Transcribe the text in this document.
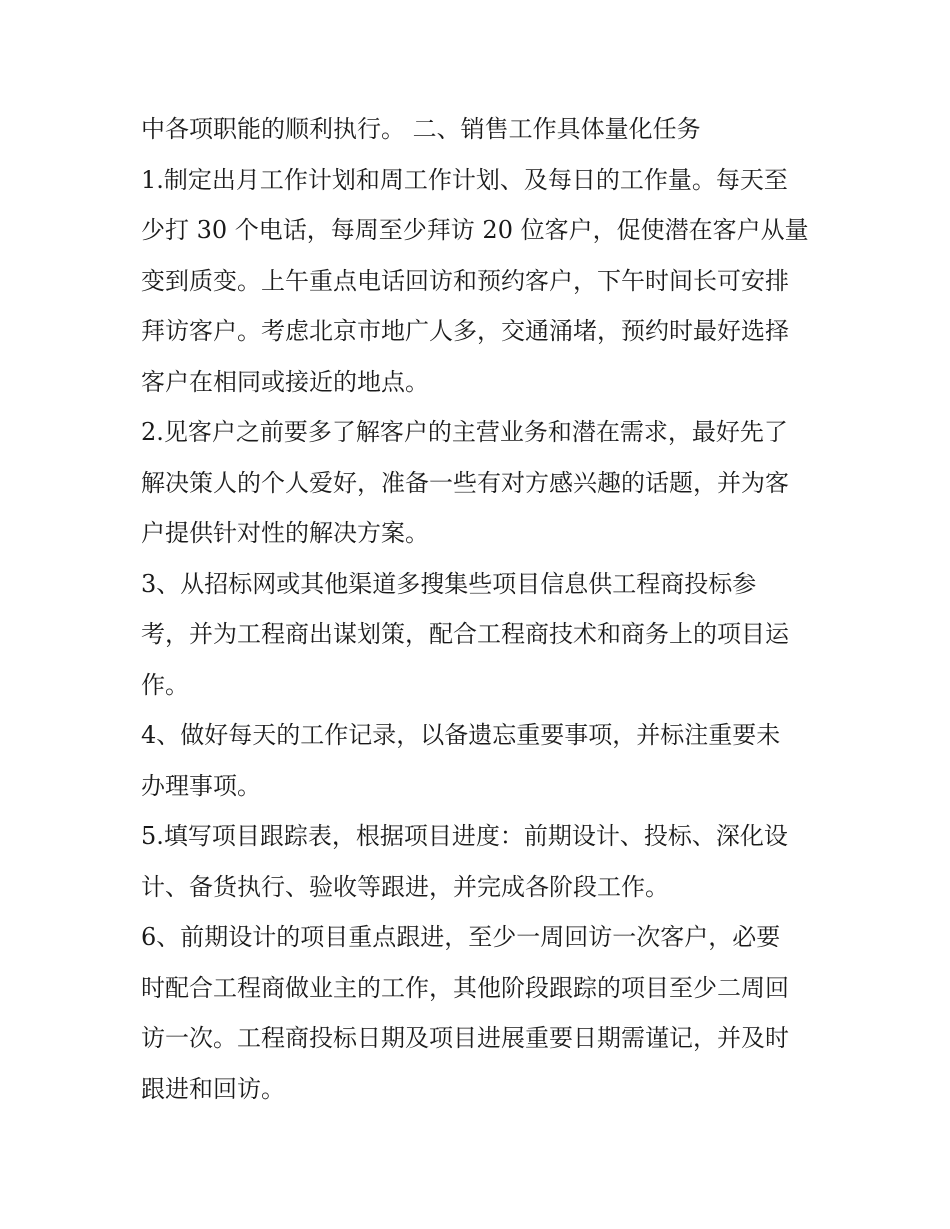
中各项职能的顺利执行。 二、销售工作具体量化任务

1.制定出月工作计划和周工作计划、及每日的工作量。每天至
少打 30 个电话，每周至少拜访 20 位客户，促使潜在客户从量
变到质变。上午重点电话回访和预约客户，下午时间长可安排
拜访客户。考虑北京市地广人多，交通涌堵，预约时最好选择
客户在相同或接近的地点。

2.见客户之前要多了解客户的主营业务和潜在需求，最好先了
解决策人的个人爱好，准备一些有对方感兴趣的话题，并为客
户提供针对性的解决方案。

3、从招标网或其他渠道多搜集些项目信息供工程商投标参
考，并为工程商出谋划策，配合工程商技术和商务上的项目运
作。

4、做好每天的工作记录，以备遗忘重要事项，并标注重要未
办理事项。

5.填写项目跟踪表，根据项目进度：前期设计、投标、深化设
计、备货执行、验收等跟进，并完成各阶段工作。

6、前期设计的项目重点跟进，至少一周回访一次客户，必要
时配合工程商做业主的工作，其他阶段跟踪的项目至少二周回
访一次。工程商投标日期及项目进展重要日期需谨记，并及时
跟进和回访。
